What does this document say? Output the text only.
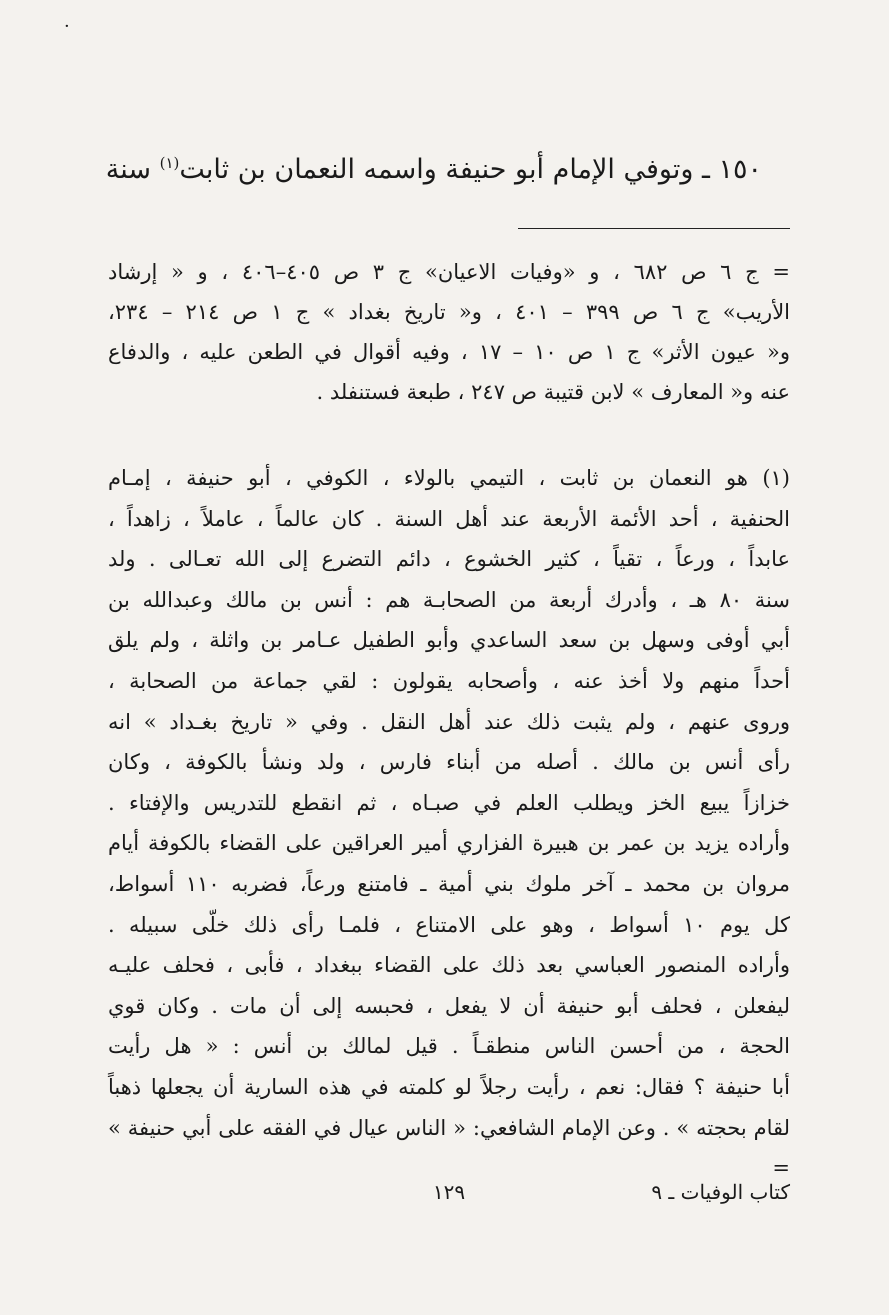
·
١٥٠ ـ وتوفي الإمام أبو حنيفة واسمه النعمان بن ثابت$^{(١)}$ سنة
= ج ٦ ص ٦٨٢ ، و «وفيات الاعيان» ج ٣ ص ٤٠٥–٤٠٦ ، و « إرشاد
الأريب» ج ٦ ص ٣٩٩ – ٤٠١ ، و« تاريخ بغداد » ج ١ ص ٢١٤ – ٢٣٤،
و« عيون الأثر» ج ١ ص ١٠ – ١٧ ، وفيه أقوال في الطعن عليه ، والدفاع
عنه و« المعارف » لابن قتيبة ص ٢٤٧ ، طبعة فستنفلد .
(١) هو النعمان بن ثابت ، التيمي بالولاء ، الكوفي ، أبو حنيفة ، إمـام
الحنفية ، أحد الأئمة الأربعة عند أهل السنة . كان عالماً ، عاملاً ، زاهداً ،
عابداً ، ورعاً ، تقياً ، كثير الخشوع ، دائم التضرع إلى الله تعـالى . ولد
سنة ٨٠ هـ ، وأدرك أربعة من الصحابـة هم : أنس بن مالك وعبدالله بن
أبي أوفى وسهل بن سعد الساعدي وأبو الطفيل عـامر بن واثلة ، ولم يلق
أحداً منهم ولا أخذ عنه ، وأصحابه يقولون : لقي جماعة من الصحابة ،
وروى عنهم ، ولم يثبت ذلك عند أهل النقل . وفي « تاريخ بغـداد » انه
رأى أنس بن مالك . أصله من أبناء فارس ، ولد ونشأ بالكوفة ، وكان
خزازاً يبيع الخز ويطلب العلم في صبـاه ، ثم انقطع للتدريس والإفتاء .
وأراده يزيد بن عمر بن هبيرة الفزاري أمير العراقين على القضاء بالكوفة أيام
مروان بن محمد ـ آخر ملوك بني أمية ـ فامتنع ورعاً، فضربه ١١٠ أسواط،
كل يوم ١٠ أسواط ، وهو على الامتناع ، فلمـا رأى ذلك خلّى سبيله .
وأراده المنصور العباسي بعد ذلك على القضاء ببغداد ، فأبى ، فحلف عليـه
ليفعلن ، فحلف أبو حنيفة أن لا يفعل ، فحبسه إلى أن مات . وكان قوي
الحجة ، من أحسن الناس منطقـاً . قيل لمالك بن أنس : « هل رأيت
أبا حنيفة ؟ فقال: نعم ، رأيت رجلاً لو كلمته في هذه السارية أن يجعلها ذهباً
لقام بحجته » . وعن الإمام الشافعي: « الناس عيال في الفقه على أبي حنيفة » =
كتاب الوفيات ـ ٩
١٢٩
